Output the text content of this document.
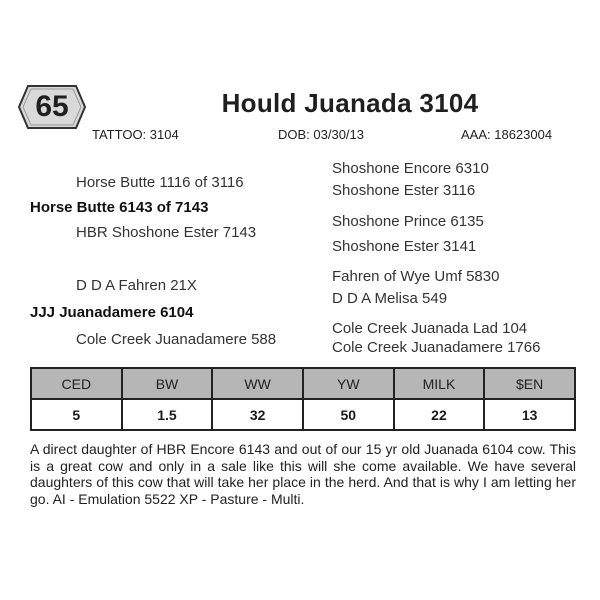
65	Hould Juanada 3104
TATTOO: 3104	DOB: 03/30/13	AAA: 18623004
Shoshone Encore 6310
Horse Butte 1116 of 3116	Shoshone Ester 3116
Horse Butte 6143 of 7143
Shoshone Prince 6135
HBR Shoshone Ester 7143
Shoshone Ester 3141
Fahren of Wye Umf 5830
D D A Fahren 21X
D D A Melisa 549
JJJ Juanadamere 6104
Cole Creek Juanada Lad 104
Cole Creek Juanadamere 588	Cole Creek Juanadamere 1766
CED	BW	WW	YW	MILK	$EN
5	1.5	32	50	22	13
A direct daughter of HBR Encore 6143 and out of our 15 yr old Juanada 6104 cow. This is a great cow and only in a sale like this will she come available. We have several daughters of this cow that will take her place in the herd. And that is why I am letting her go. AI - Emulation 5522 XP - Pasture - Multi.
